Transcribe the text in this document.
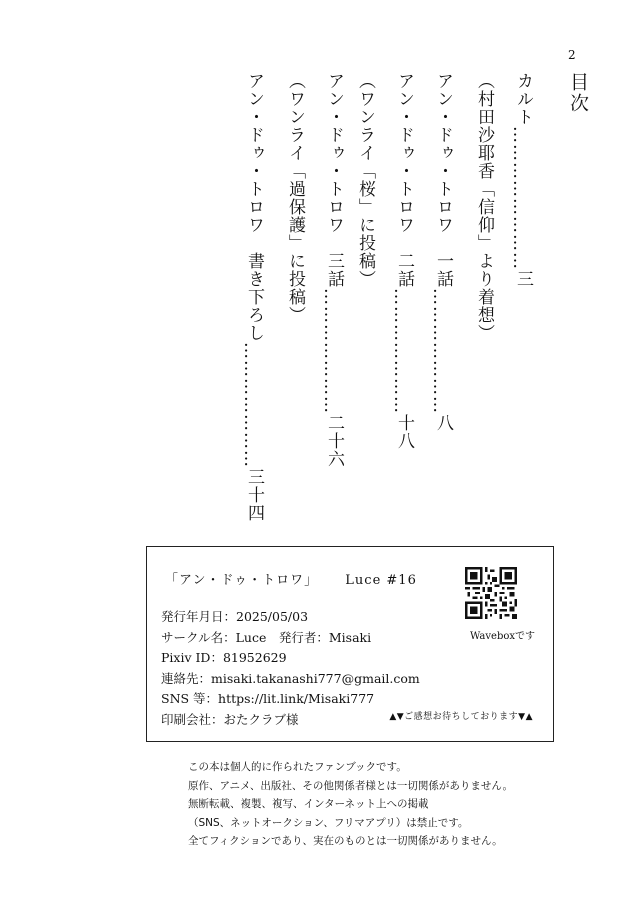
2
目次
カルト
……………………
三
（村田沙耶香「信仰」より着想）
アン・ドゥ・トロワ　一話
…………………
八
アン・ドゥ・トロワ　二話
…………………
十八
（ワンライ「桜」に投稿）
アン・ドゥ・トロワ　三話
…………………
二十六
（ワンライ「過保護」に投稿）
アン・ドゥ・トロワ　書き下ろし
…………………
三十四
「アン・ドゥ・トロワ」 Luce #16
Waveboxです
発行年月日：2025/05/03
サークル名：Luce　発行者：Misaki
Pixiv ID：81952629
連絡先：misaki.takanashi777@gmail.com
SNS 等：https://lit.link/Misaki777
印刷会社：おたクラブ様	▲▼ご感想お待ちしております▼▲
この本は個人的に作られたファンブックです。
原作、アニメ、出版社、その他関係者様とは一切関係がありません。
無断転載、複製、複写、インターネット上への掲載
（SNS、ネットオークション、フリマアプリ）は禁止です。
全てフィクションであり、実在のものとは一切関係がありません。
